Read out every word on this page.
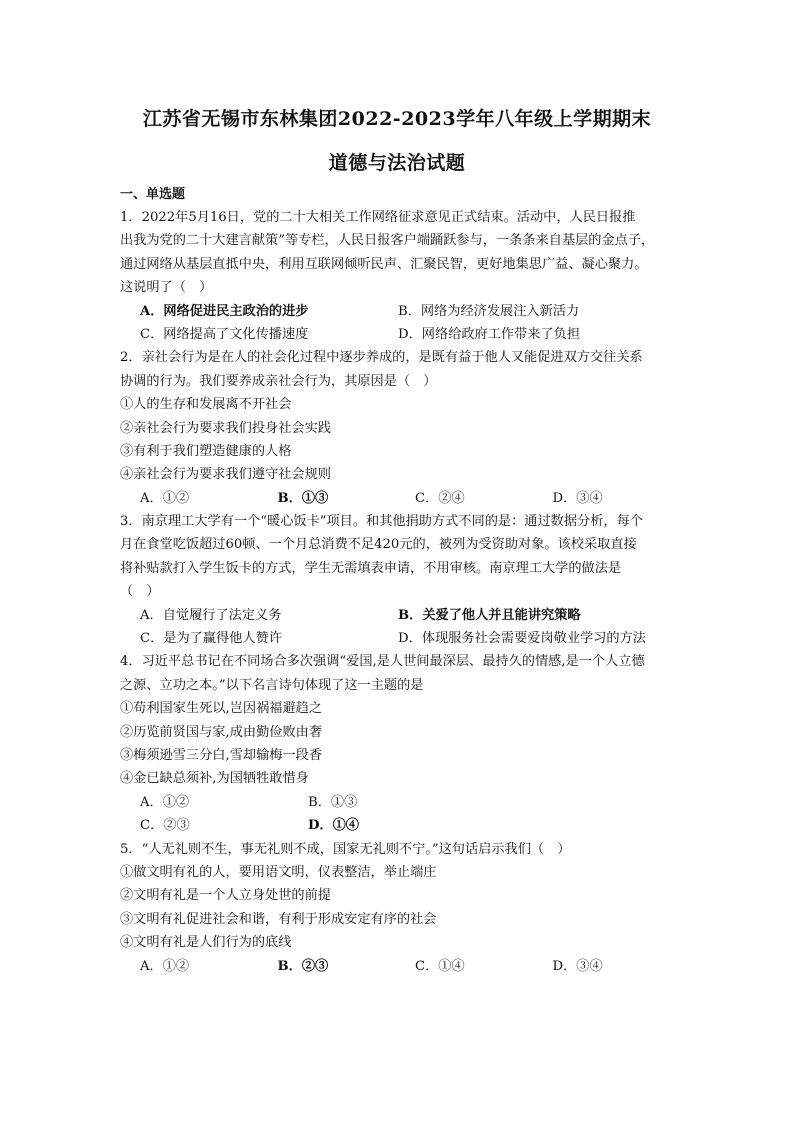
江苏省无锡市东林集团2022-2023学年八年级上学期期末
道德与法治试题
一、单选题
1．2022年5月16日，党的二十大相关工作网络征求意见正式结束。活动中，人民日报推
出我为党的二十大建言献策”等专栏，人民日报客户端踊跃参与，一条条来自基层的金点子，
通过网络从基层直抵中央，利用互联网倾听民声、汇聚民智，更好地集思广益、凝心聚力。
这说明了（　）
A．网络促进民主政治的进步	B．网络为经济发展注入新活力
C．网络提高了文化传播速度	D．网络给政府工作带来了负担
2．亲社会行为是在人的社会化过程中逐步养成的，是既有益于他人又能促进双方交往关系
协调的行为。我们要养成亲社会行为，其原因是（　）
①人的生存和发展离不开社会
②亲社会行为要求我们投身社会实践
③有利于我们塑造健康的人格
④亲社会行为要求我们遵守社会规则
A．①②	B．①③	C．②④	D．③④
3．南京理工大学有一个“暖心饭卡”项目。和其他捐助方式不同的是：通过数据分析，每个
月在食堂吃饭超过60顿、一个月总消费不足420元的，被列为受资助对象。该校采取直接
将补贴款打入学生饭卡的方式，学生无需填表申请，不用审核。南京理工大学的做法是
（　）
A．自觉履行了法定义务	B．关爱了他人并且能讲究策略
C．是为了赢得他人赞许	D．体现服务社会需要爱岗敬业学习的方法
4．习近平总书记在不同场合多次强调“爱国,是人世间最深层、最持久的情感,是一个人立德
之源、立功之本。”以下名言诗句体现了这一主题的是
①苟利国家生死以,岂因祸福避趋之
②历览前贤国与家,成由勤俭败由奢
③梅须逊雪三分白,雪却输梅一段香
④金已缺总须补,为国牺牲敢惜身
A．①②	B．①③
C．②③	D．①④
5．“人无礼则不生，事无礼则不成，国家无礼则不宁。”这句话启示我们（　）
①做文明有礼的人，要用语文明，仪表整洁，举止端庄
②文明有礼是一个人立身处世的前提
③文明有礼促进社会和谐，有利于形成安定有序的社会
④文明有礼是人们行为的底线
A．①②	B．②③	C．①④	D．③④
